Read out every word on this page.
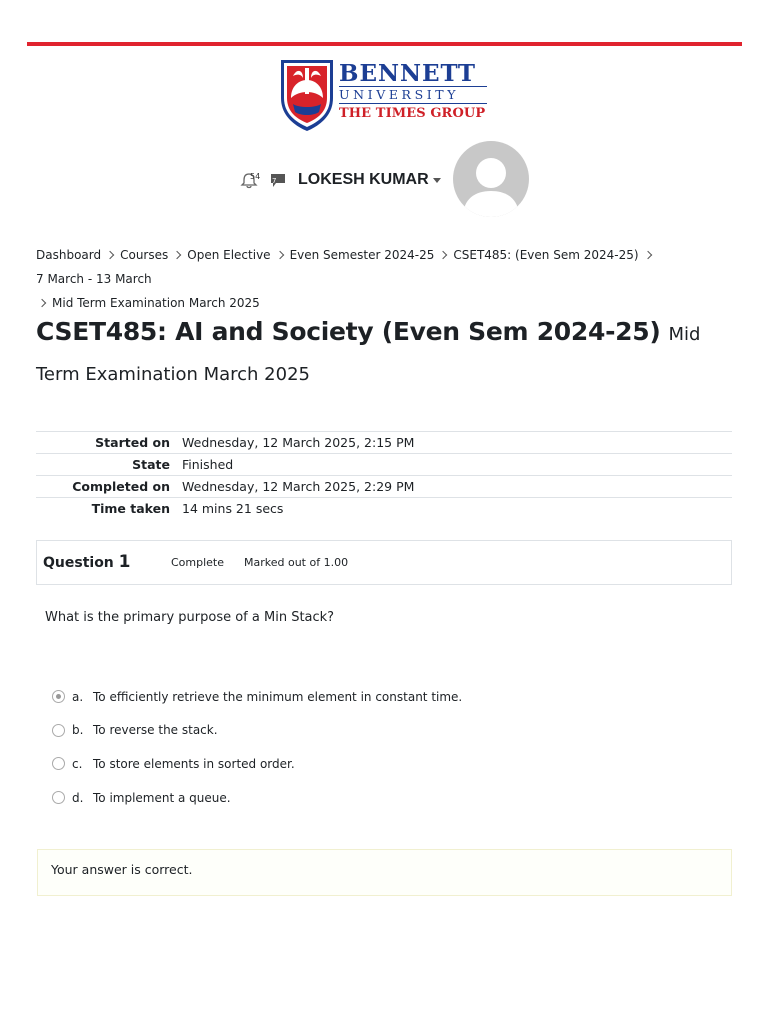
BENNETT
UNIVERSITY
THE TIMES GROUP
54 7 LOKESH KUMAR
Dashboard Courses Open Elective Even Semester 2024-25 CSET485: (Even Sem 2024-25)7 March - 13 March
Mid Term Examination March 2025
CSET485: AI and Society (Even Sem 2024-25) Mid Term Examination March 2025
Started on	Wednesday, 12 March 2025, 2:15 PM
State	Finished
Completed on	Wednesday, 12 March 2025, 2:29 PM
Time taken	14 mins 21 secs
Question 1	Complete Marked out of 1.00
What is the primary purpose of a Min Stack?
a. To efficiently retrieve the minimum element in constant time.
b. To reverse the stack.
c. To store elements in sorted order.
d. To implement a queue.
Your answer is correct.
